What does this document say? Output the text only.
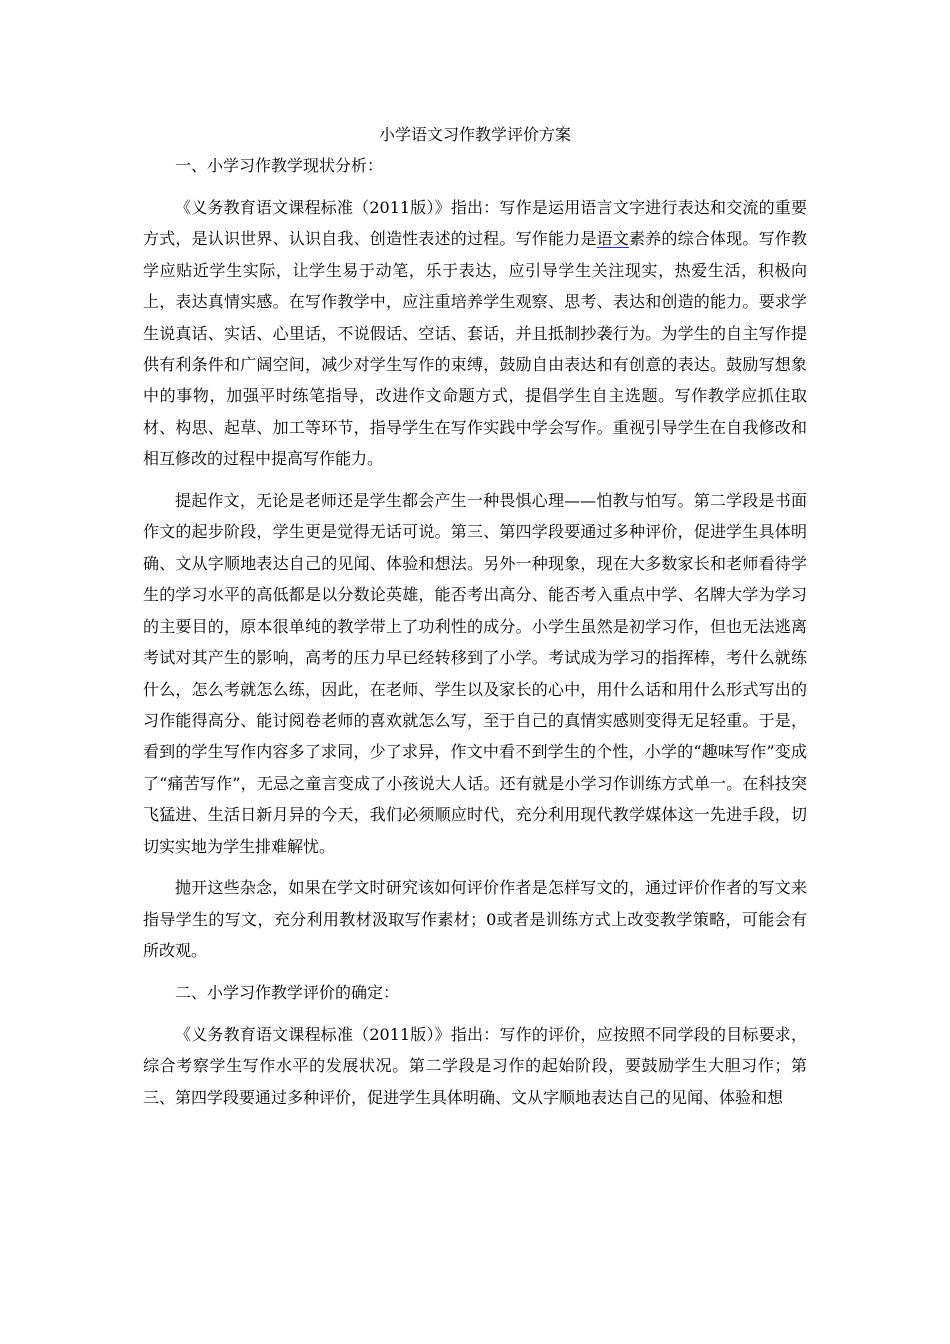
小学语文习作教学评价方案

一、小学习作教学现状分析：

《义务教育语文课程标准（2011版）》指出：写作是运用语言文字进行表达和交流的重要方式，是认识世界、认识自我、创造性表述的过程。写作能力是语文素养的综合体现。写作教学应贴近学生实际，让学生易于动笔，乐于表达，应引导学生关注现实，热爱生活，积极向上，表达真情实感。在写作教学中，应注重培养学生观察、思考、表达和创造的能力。要求学生说真话、实话、心里话，不说假话、空话、套话，并且抵制抄袭行为。为学生的自主写作提供有利条件和广阔空间，减少对学生写作的束缚，鼓励自由表达和有创意的表达。鼓励写想象中的事物，加强平时练笔指导，改进作文命题方式，提倡学生自主选题。写作教学应抓住取材、构思、起草、加工等环节，指导学生在写作实践中学会写作。重视引导学生在自我修改和相互修改的过程中提高写作能力。

提起作文，无论是老师还是学生都会产生一种畏惧心理——怕教与怕写。第二学段是书面作文的起步阶段，学生更是觉得无话可说。第三、第四学段要通过多种评价，促进学生具体明确、文从字顺地表达自己的见闻、体验和想法。另外一种现象，现在大多数家长和老师看待学生的学习水平的高低都是以分数论英雄，能否考出高分、能否考入重点中学、名牌大学为学习的主要目的，原本很单纯的教学带上了功利性的成分。小学生虽然是初学习作，但也无法逃离考试对其产生的影响，高考的压力早已经转移到了小学。考试成为学习的指挥棒，考什么就练什么，怎么考就怎么练，因此，在老师、学生以及家长的心中，用什么话和用什么形式写出的习作能得高分、能讨阅卷老师的喜欢就怎么写，至于自己的真情实感则变得无足轻重。于是，看到的学生写作内容多了求同，少了求异，作文中看不到学生的个性，小学的“趣味写作”变成了“痛苦写作”，无忌之童言变成了小孩说大人话。还有就是小学习作训练方式单一。在科技突飞猛进、生活日新月异的今天，我们必须顺应时代，充分利用现代教学媒体这一先进手段，切切实实地为学生排难解忧。

抛开这些杂念，如果在学文时研究该如何评价作者是怎样写文的，通过评价作者的写文来指导学生的写文，充分利用教材汲取写作素材；0或者是训练方式上改变教学策略，可能会有所改观。

二、小学习作教学评价的确定：

《义务教育语文课程标准（2011版）》指出：写作的评价，应按照不同学段的目标要求，综合考察学生写作水平的发展状况。第二学段是习作的起始阶段，要鼓励学生大胆习作；第三、第四学段要通过多种评价，促进学生具体明确、文从字顺地表达自己的见闻、体验和想
